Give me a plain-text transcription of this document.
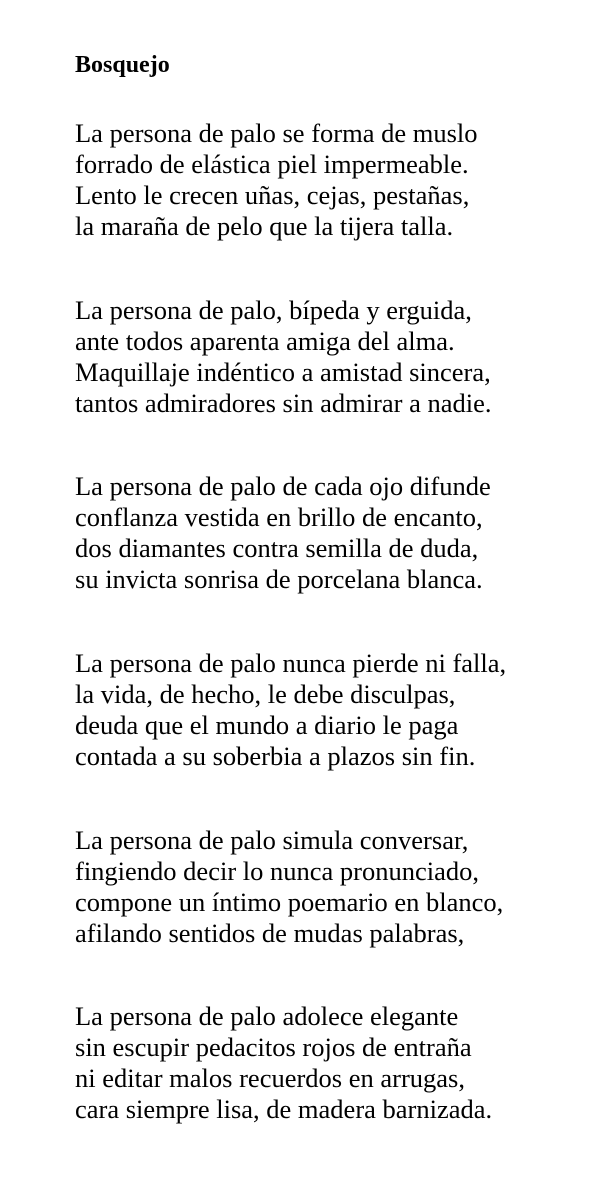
Bosquejo
La persona de palo se forma de muslo
forrado de elástica piel impermeable.
Lento le crecen uñas, cejas, pestañas,
la maraña de pelo que la tijera talla.
La persona de palo, bípeda y erguida,
ante todos aparenta amiga del alma.
Maquillaje indéntico a amistad sincera,
tantos admiradores sin admirar a nadie.
La persona de palo de cada ojo difunde
conflanza vestida en brillo de encanto,
dos diamantes contra semilla de duda,
su invicta sonrisa de porcelana blanca.
La persona de palo nunca pierde ni falla,
la vida, de hecho, le debe disculpas,
deuda que el mundo a diario le paga
contada a su soberbia a plazos sin fin.
La persona de palo simula conversar,
fingiendo decir lo nunca pronunciado,
compone un íntimo poemario en blanco,
afilando sentidos de mudas palabras,
La persona de palo adolece elegante
sin escupir pedacitos rojos de entraña
ni editar malos recuerdos en arrugas,
cara siempre lisa, de madera barnizada.
